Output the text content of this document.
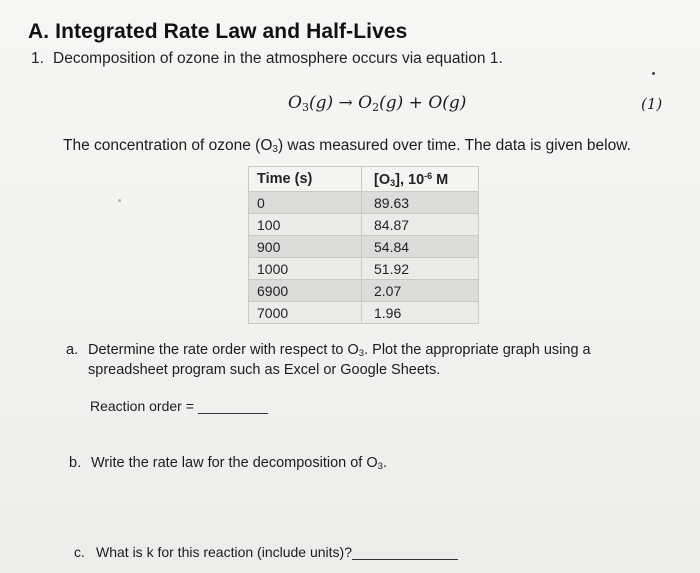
A. Integrated Rate Law and Half-Lives
1. Decomposition of ozone in the atmosphere occurs via equation 1.
$O_3(g) \to O_2(g) + O(g)$	(1)
The concentration of ozone $(O_3)$ was measured over time. The data is given below.
Time (s)	$[O_3]$, $10^{-6}$ M
0	89.63
100	84.87
900	54.84
1000	51.92
6900	2.07
7000	1.96
a. Determine the rate order with respect to $O_3$. Plot the appropriate graph using a
spreadsheet program such as Excel or Google Sheets.
Reaction order =
b. Write the rate law for the decomposition of $O_3$.
c. What is k for this reaction (include units)?
